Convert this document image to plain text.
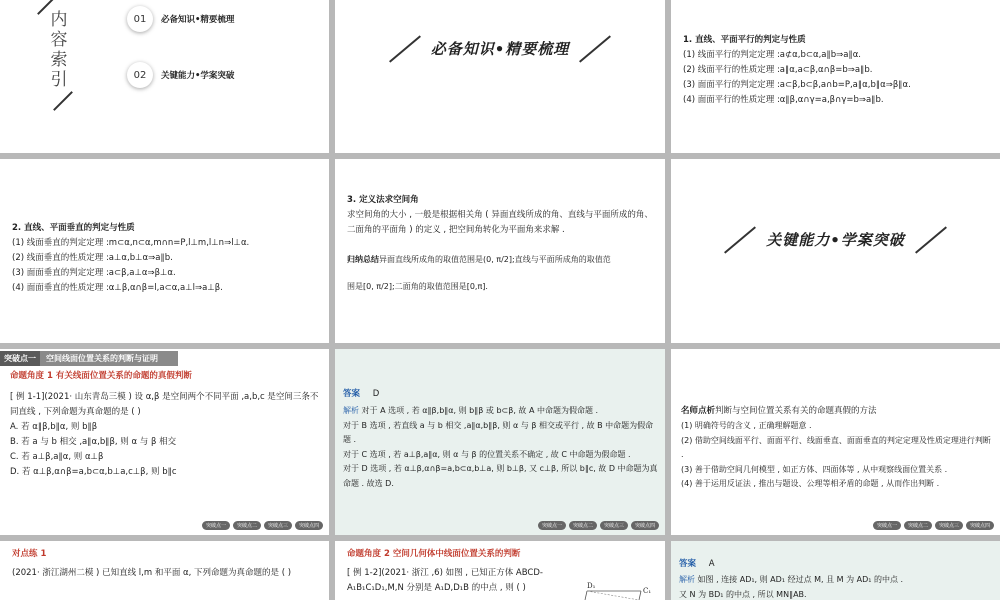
内
容
索
引
01	必备知识•精要梳理
02	关键能力•学案突破
必备知识•精要梳理	1. 直线、平面平行的判定与性质
(1) 线面平行的判定定理 :a⊄α,b⊂α,a∥b⇒a∥α.
(2) 线面平行的性质定理 :a∥α,a⊂β,α∩β=b⇒a∥b.
(3) 面面平行的判定定理 :a⊂β,b⊂β,a∩b=P,a∥α,b∥α⇒β∥α.
(4) 面面平行的性质定理 :α∥β,α∩γ=a,β∩γ=b⇒a∥b.
2. 直线、平面垂直的判定与性质
(1) 线面垂直的判定定理 :m⊂α,n⊂α,m∩n=P,l⊥m,l⊥n⇒l⊥α.
(2) 线面垂直的性质定理 :a⊥α,b⊥α⇒a∥b.
(3) 面面垂直的判定定理 :a⊂β,a⊥α⇒β⊥α.
(4) 面面垂直的性质定理 :α⊥β,α∩β=l,a⊂α,a⊥l⇒a⊥β.
3. 定义法求空间角
求空间角的大小 , 一般是根据相关角 ( 异面直线所成的角、直线与平面所成的角、二面角的平面角 ) 的定义 , 把空间角转化为平面角来求解 .
归纳总结异面直线所成角的取值范围是(0, π/2];直线与平面所成角的取值范
围是[0, π/2];二面角的取值范围是[0,π].
关键能力•学案突破
突破点一	空间线面位置关系的判断与证明
命题角度 1 有关线面位置关系的命题的真假判断
[ 例 1-1](2021· 山东青岛三模 ) 设 α,β 是空间两个不同平面 ,a,b,c 是空间三条不同直线 , 下列命题为真命题的是 ( )
A. 若 α∥β,b∥α, 则 b∥β
B. 若 a 与 b 相交 ,a∥α,b∥β, 则 α 与 β 相交
C. 若 a⊥β,a∥α, 则 α⊥β
D. 若 α⊥β,α∩β=a,b⊂α,b⊥a,c⊥β, 则 b∥c
突破点一	突破点二	突破点三	突破点四
答案 D
解析 对于 A 选项 , 若 α∥β,b∥α, 则 b∥β 或 b⊂β, 故 A 中命题为假命题 .
对于 B 选项 , 若直线 a 与 b 相交 ,a∥α,b∥β, 则 α 与 β 相交或平行 , 故 B 中命题为假命题 .
对于 C 选项 , 若 a⊥β,a∥α, 则 α 与 β 的位置关系不确定 , 故 C 中命题为假命题 .
对于 D 选项 , 若 α⊥β,α∩β=a,b⊂α,b⊥a, 则 b⊥β, 又 c⊥β, 所以 b∥c, 故 D 中命题为真命题 . 故选 D.
突破点一	突破点二	突破点三	突破点四
名师点析判断与空间位置关系有关的命题真假的方法
(1) 明确符号的含义 , 正确理解题意 .
(2) 借助空间线面平行、面面平行、线面垂直、面面垂直的判定定理及性质定理进行判断 .
(3) 善于借助空间几何模型 , 如正方体、四面体等 , 从中观察线面位置关系 .
(4) 善于运用反证法 , 推出与题设、公理等相矛盾的命题 , 从而作出判断 .
突破点一	突破点二	突破点三	突破点四
对点练 1
(2021· 浙江湖州二模 ) 已知直线 l,m 和平面 α, 下列命题为真命题的是 ( )
命题角度 2 空间几何体中线面位置关系的判断
[ 例 1-2](2021· 浙江 ,6) 如图 , 已知正方体 ABCD-A₁B₁C₁D₁,M,N 分别是 A₁D,D₁B 的中点 , 则 ( )	D₁
C₁
答案 A
解析 如图 , 连接 AD₁, 则 AD₁ 经过点 M, 且 M 为 AD₁ 的中点 .
又 N 为 BD₁ 的中点 , 所以 MN∥AB.
